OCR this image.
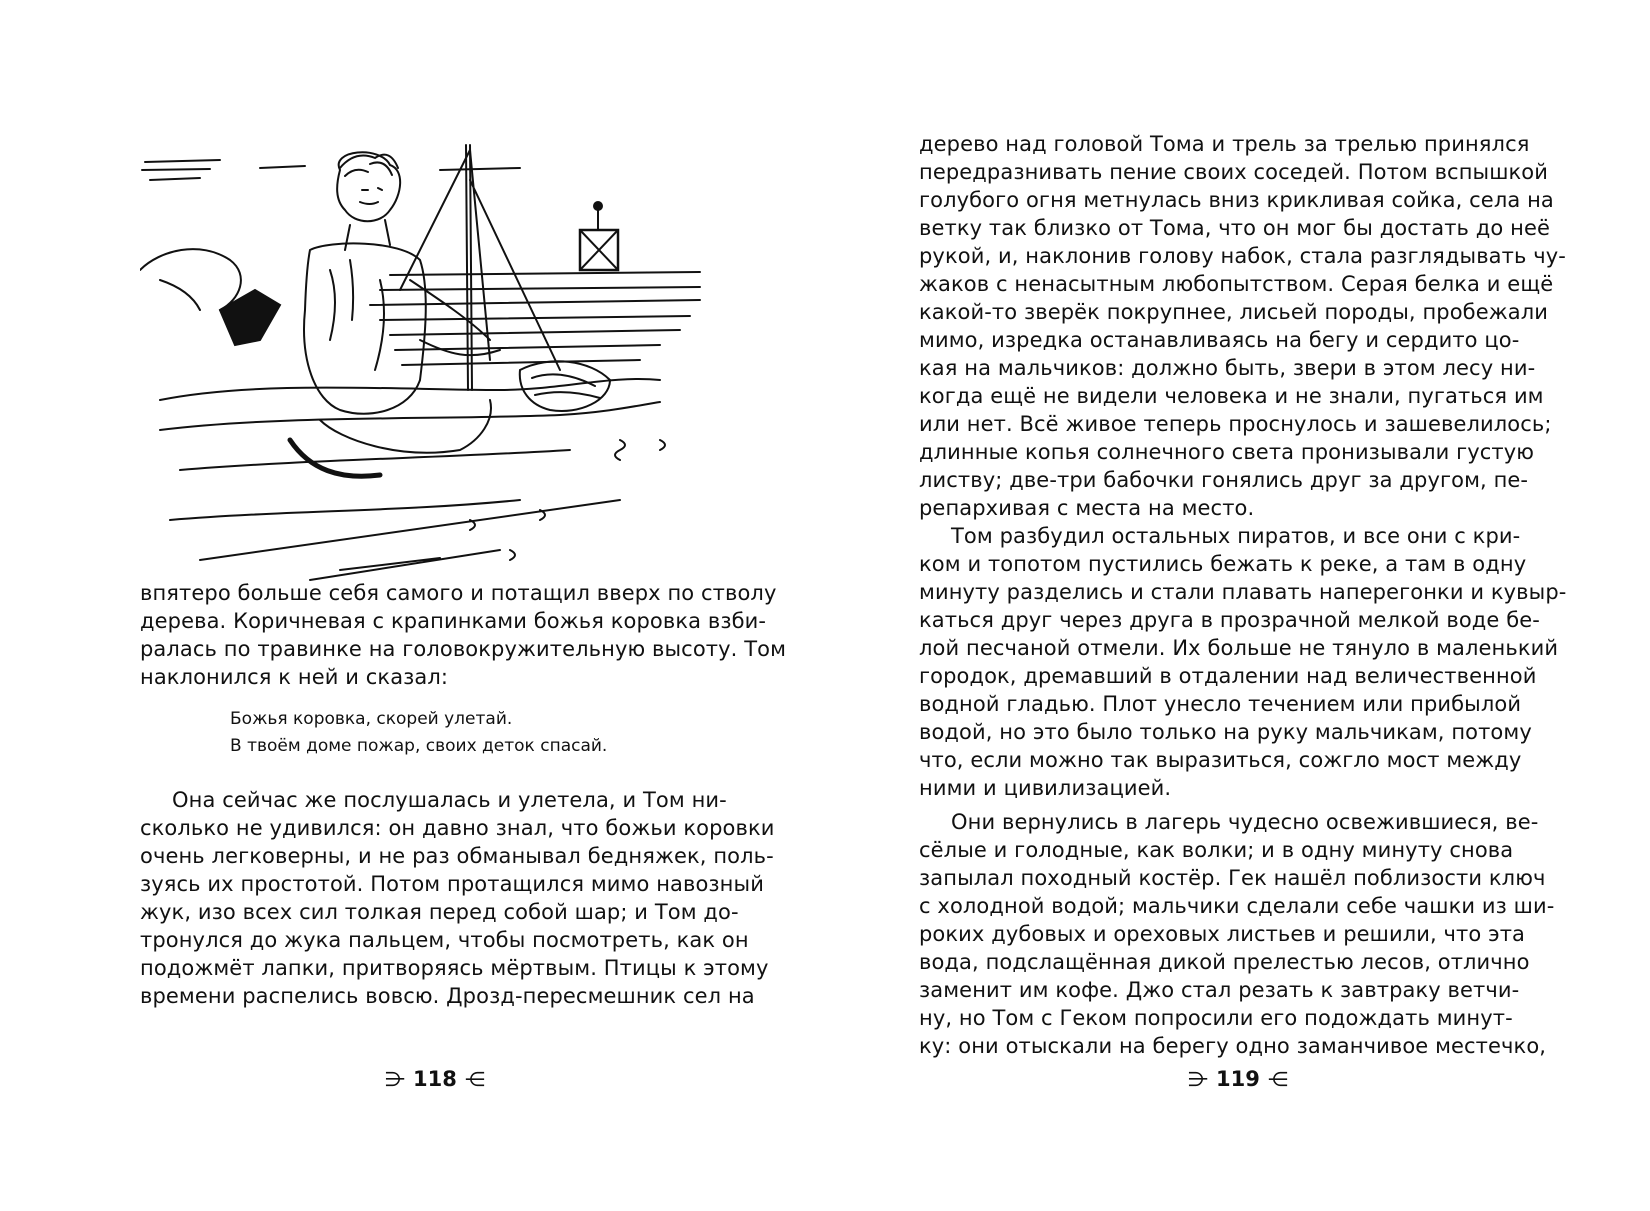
впятеро больше себя самого и потащил вверх по стволу
дерева. Коричневая с крапинками божья коровка взби-
ралась по травинке на головокружительную высоту. Том
наклонился к ней и сказал:
Божья коровка, скорей улетай.
В твоём доме пожар, своих деток спасай.
Она сейчас же послушалась и улетела, и Том ни-
сколько не удивился: он давно знал, что божьи коровки
очень легковерны, и не раз обманывал бедняжек, поль-
зуясь их простотой. Потом протащился мимо навозный
жук, изо всех сил толкая перед собой шар; и Том до-
тронулся до жука пальцем, чтобы посмотреть, как он
подожмёт лапки, притворяясь мёртвым. Птицы к этому
времени распелись вовсю. Дрозд-пересмешник сел на
⋺ 118 ⋲
дерево над головой Тома и трель за трелью принялся
передразнивать пение своих соседей. Потом вспышкой
голубого огня метнулась вниз крикливая сойка, села на
ветку так близко от Тома, что он мог бы достать до неё
рукой, и, наклонив голову набок, стала разглядывать чу-
жаков с ненасытным любопытством. Серая белка и ещё
какой-то зверёк покрупнее, лисьей породы, пробежали
мимо, изредка останавливаясь на бегу и сердито цо-
кая на мальчиков: должно быть, звери в этом лесу ни-
когда ещё не видели человека и не знали, пугаться им
или нет. Всё живое теперь проснулось и зашевелилось;
длинные копья солнечного света пронизывали густую
листву; две-три бабочки гонялись друг за другом, пе-
репархивая с места на место.
Том разбудил остальных пиратов, и все они с кри-
ком и топотом пустились бежать к реке, а там в одну
минуту разделись и стали плавать наперегонки и кувыр-
каться друг через друга в прозрачной мелкой воде бе-
лой песчаной отмели. Их больше не тянуло в маленький
городок, дремавший в отдалении над величественной
водной гладью. Плот унесло течением или прибылой
водой, но это было только на руку мальчикам, потому
что, если можно так выразиться, сожгло мост между
ними и цивилизацией.
Они вернулись в лагерь чудесно освежившиеся, ве-
сёлые и голодные, как волки; и в одну минуту снова
запылал походный костёр. Гек нашёл поблизости ключ
с холодной водой; мальчики сделали себе чашки из ши-
роких дубовых и ореховых листьев и решили, что эта
вода, подслащённая дикой прелестью лесов, отлично
заменит им кофе. Джо стал резать к завтраку ветчи-
ну, но Том с Геком попросили его подождать минут-
ку: они отыскали на берегу одно заманчивое местечко,
⋺ 119 ⋲
